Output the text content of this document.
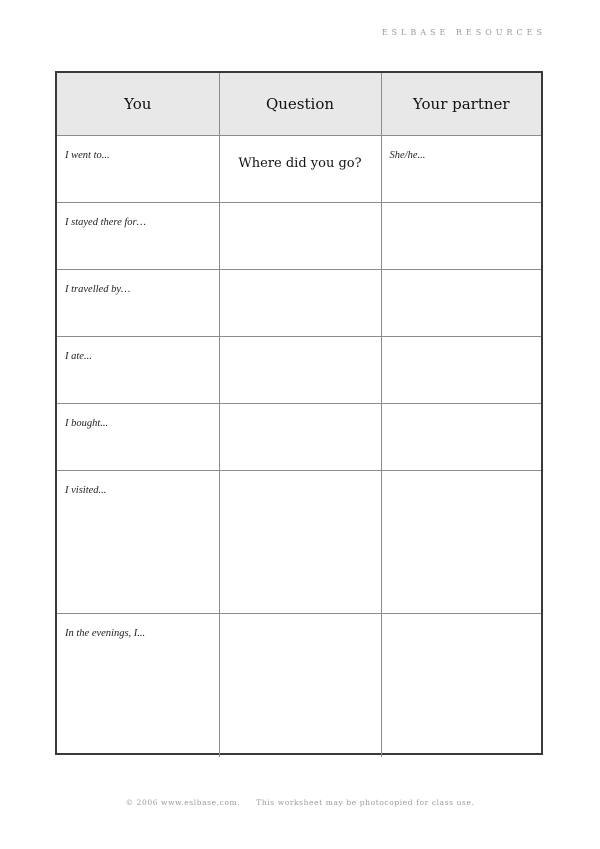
ESLBASE RESOURCES
You	Question	Your partner
I went to...	Where did you go?	She/he...
I stayed there for…		
I travelled by…		
I ate...		
I bought...		
I visited...		
In the evenings, I...		
© 2006 www.eslbase.com. This worksheet may be photocopied for class use.
